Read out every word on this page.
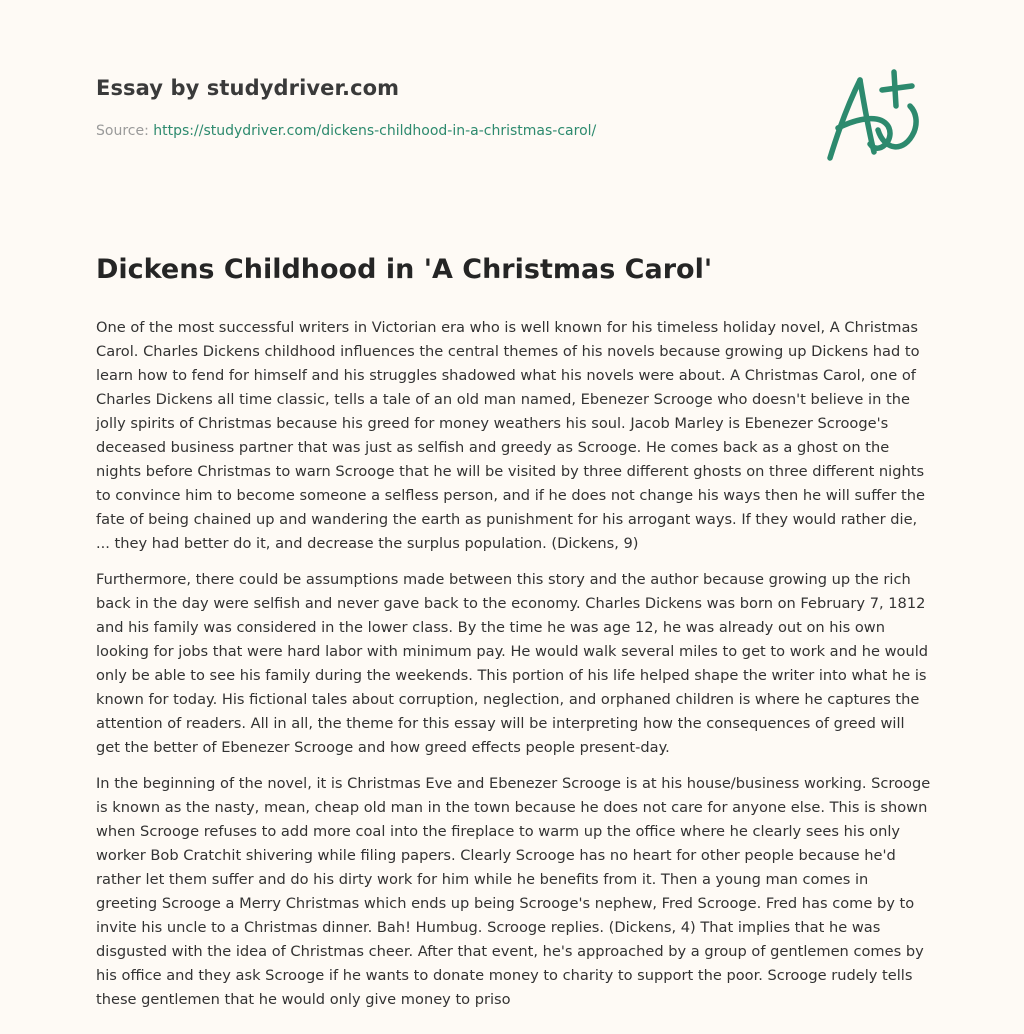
Essay by studydriver.com

Source: https://studydriver.com/dickens-childhood-in-a-christmas-carol/

Dickens Childhood in 'A Christmas Carol'

One of the most successful writers in Victorian era who is well known for his timeless holiday novel, A Christmas Carol. Charles Dickens childhood influences the central themes of his novels because growing up Dickens had to learn how to fend for himself and his struggles shadowed what his novels were about. A Christmas Carol, one of Charles Dickens all time classic, tells a tale of an old man named, Ebenezer Scrooge who doesn't believe in the jolly spirits of Christmas because his greed for money weathers his soul. Jacob Marley is Ebenezer Scrooge's deceased business partner that was just as selfish and greedy as Scrooge. He comes back as a ghost on the nights before Christmas to warn Scrooge that he will be visited by three different ghosts on three different nights to convince him to become someone a selfless person, and if he does not change his ways then he will suffer the fate of being chained up and wandering the earth as punishment for his arrogant ways. If they would rather die, ... they had better do it, and decrease the surplus population. (Dickens, 9)

Furthermore, there could be assumptions made between this story and the author because growing up the rich back in the day were selfish and never gave back to the economy. Charles Dickens was born on February 7, 1812 and his family was considered in the lower class. By the time he was age 12, he was already out on his own looking for jobs that were hard labor with minimum pay. He would walk several miles to get to work and he would only be able to see his family during the weekends. This portion of his life helped shape the writer into what he is known for today. His fictional tales about corruption, neglection, and orphaned children is where he captures the attention of readers. All in all, the theme for this essay will be interpreting how the consequences of greed will get the better of Ebenezer Scrooge and how greed effects people present-day.

In the beginning of the novel, it is Christmas Eve and Ebenezer Scrooge is at his house/business working. Scrooge is known as the nasty, mean, cheap old man in the town because he does not care for anyone else. This is shown when Scrooge refuses to add more coal into the fireplace to warm up the office where he clearly sees his only worker Bob Cratchit shivering while filing papers. Clearly Scrooge has no heart for other people because he'd rather let them suffer and do his dirty work for him while he benefits from it. Then a young man comes in greeting Scrooge a Merry Christmas which ends up being Scrooge's nephew, Fred Scrooge. Fred has come by to invite his uncle to a Christmas dinner. Bah! Humbug. Scrooge replies. (Dickens, 4) That implies that he was disgusted with the idea of Christmas cheer. After that event, he's approached by a group of gentlemen comes by his office and they ask Scrooge if he wants to donate money to charity to support the poor. Scrooge rudely tells these gentlemen that he would only give money to priso
